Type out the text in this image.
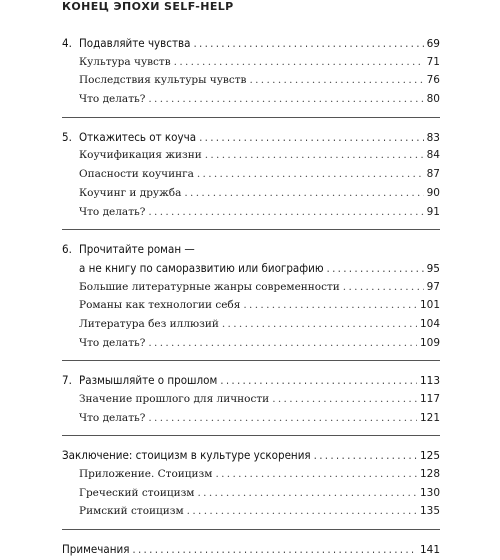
КОНЕЦ ЭПОХИ SELF-HELP
4. Подавляйте чувства . . .	69
Культура чувств . . .	71
Последствия культуры чувств . . .	76
Что делать? . . .	80
5. Откажитесь от коуча . . .	83
Коучификация жизни . . .	84
Опасности коучинга . . .	87
Коучинг и дружба . . .	90
Что делать? . . .	91
6. Прочитайте роман —
а не книгу по саморазвитию или биографию . . .	95
Большие литературные жанры современности . . .	97
Романы как технологии себя . . .	101
Литература без иллюзий . . .	104
Что делать? . . .	109
7. Размышляйте о прошлом . . .	113
Значение прошлого для личности . . .	117
Что делать? . . .	121
Заключение: стоицизм в культуре ускорения . . .	125
Приложение. Стоицизм . . .	128
Греческий стоицизм . . .	130
Римский стоицизм . . .	135
Примечания . . .	141
